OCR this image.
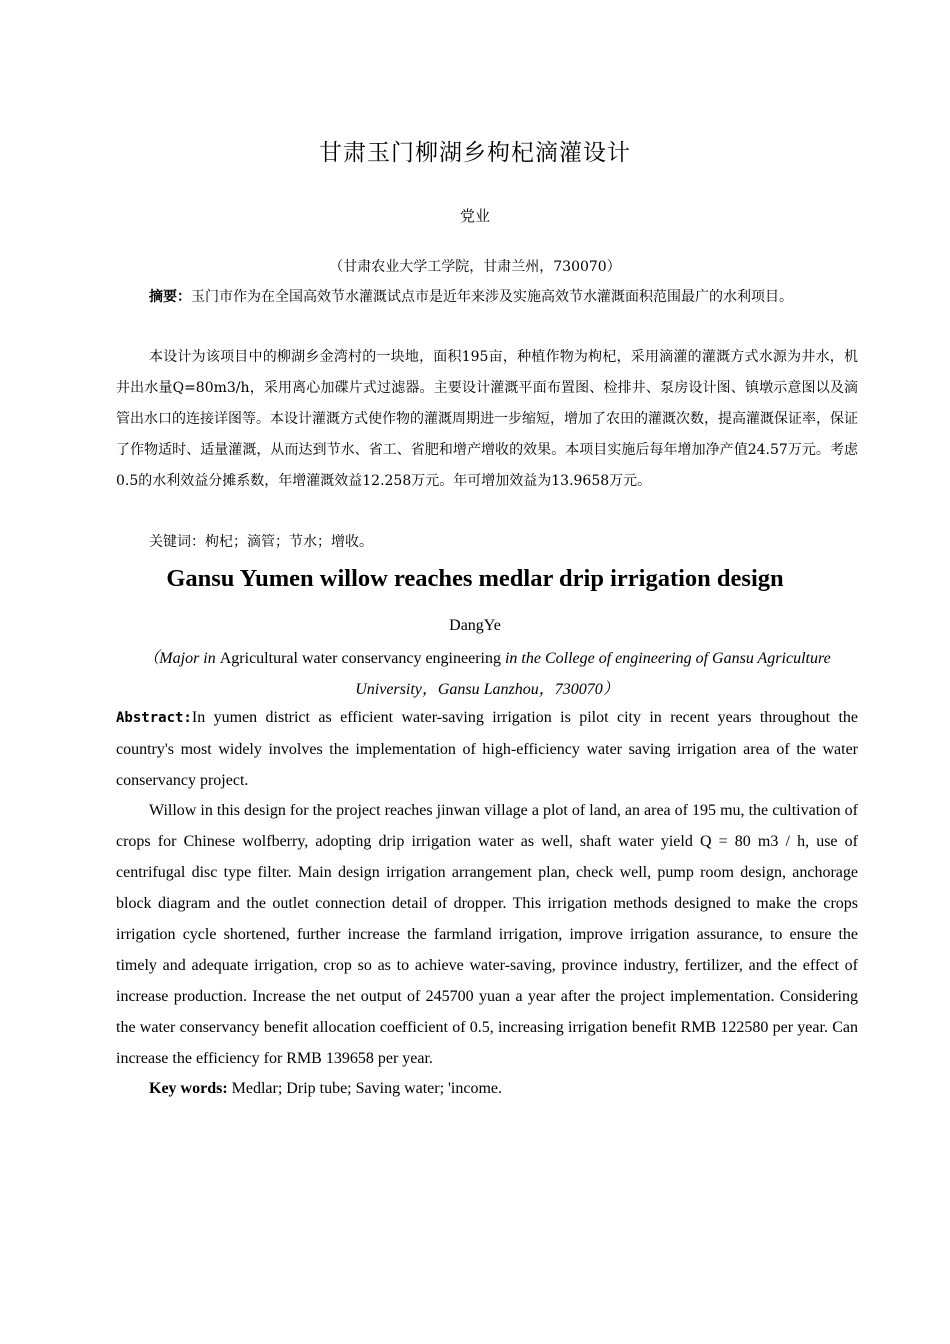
甘肃玉门柳湖乡枸杞滴灌设计
党业
（甘肃农业大学工学院，甘肃兰州，730070）
摘要：玉门市作为在全国高效节水灌溉试点市是近年来涉及实施高效节水灌溉面积范围最广的水利项目。
本设计为该项目中的柳湖乡金湾村的一块地，面积195亩，种植作物为枸杞，采用滴灌的灌溉方式水源为井水，机井出水量Q=80m3/h，采用离心加碟片式过滤器。主要设计灌溉平面布置图、检排井、泵房设计图、镇墩示意图以及滴管出水口的连接详图等。本设计灌溉方式使作物的灌溉周期进一步缩短，增加了农田的灌溉次数，提高灌溉保证率，保证了作物适时、适量灌溉，从而达到节水、省工、省肥和增产增收的效果。本项目实施后每年增加净产值24.57万元。考虑0.5的水利效益分摊系数，年增灌溉效益12.258万元。年可增加效益为13.9658万元。
关键词：枸杞；滴管；节水；增收。
Gansu Yumen willow reaches medlar drip irrigation design
DangYe
（Major in Agricultural water conservancy engineering in the College of engineering of Gansu Agriculture University，Gansu Lanzhou，730070）
Abstract:In yumen district as efficient water-saving irrigation is pilot city in recent years throughout the country's most widely involves the implementation of high-efficiency water saving irrigation area of the water conservancy project.
Willow in this design for the project reaches jinwan village a plot of land, an area of 195 mu, the cultivation of crops for Chinese wolfberry, adopting drip irrigation water as well, shaft water yield Q = 80 m3 / h, use of centrifugal disc type filter. Main design irrigation arrangement plan, check well, pump room design, anchorage block diagram and the outlet connection detail of dropper. This irrigation methods designed to make the crops irrigation cycle shortened, further increase the farmland irrigation, improve irrigation assurance, to ensure the timely and adequate irrigation, crop so as to achieve water-saving, province industry, fertilizer, and the effect of increase production. Increase the net output of 245700 yuan a year after the project implementation. Considering the water conservancy benefit allocation coefficient of 0.5, increasing irrigation benefit RMB 122580 per year. Can increase the efficiency for RMB 139658 per year.
Key words: Medlar; Drip tube; Saving water; 'income.
